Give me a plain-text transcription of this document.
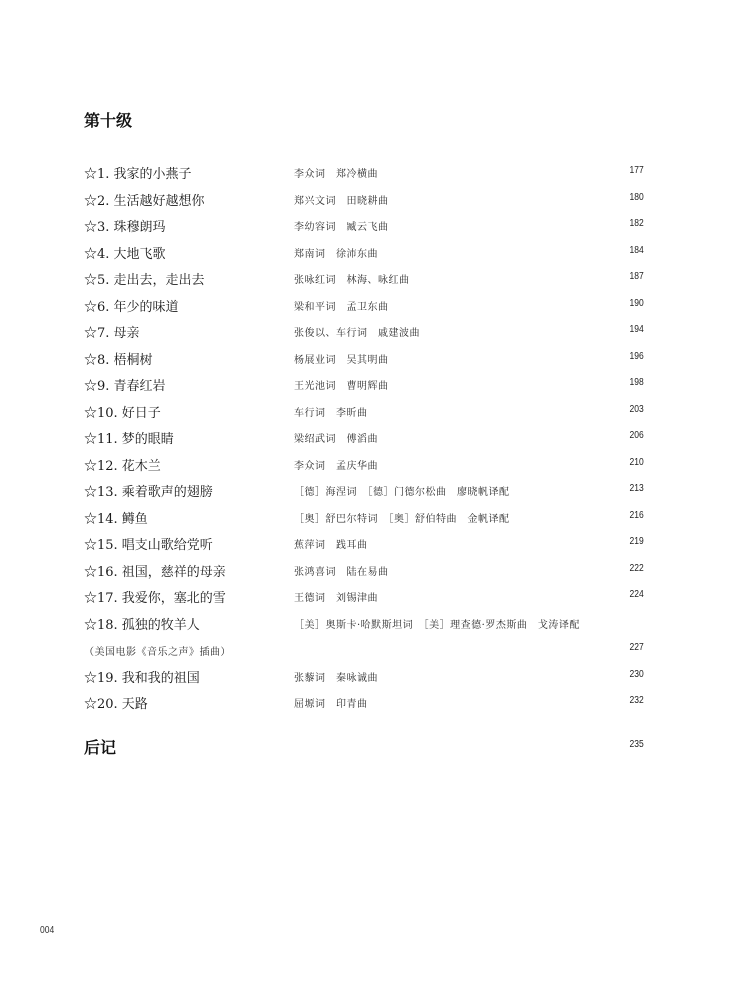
第十级
☆1. 我家的小燕子	李众词　郑冷横曲	177
☆2. 生活越好越想你	郑兴文词　田晓耕曲	180
☆3. 珠穆朗玛	李幼容词　臧云飞曲	182
☆4. 大地飞歌	郑南词　徐沛东曲	184
☆5. 走出去，走出去	张咏红词　林海、咏红曲	187
☆6. 年少的味道	梁和平词　孟卫东曲	190
☆7. 母亲	张俊以、车行词　戚建波曲	194
☆8. 梧桐树	杨展业词　吴其明曲	196
☆9. 青春红岩	王光池词　曹明辉曲	198
☆10. 好日子	车行词　李昕曲	203
☆11. 梦的眼睛	梁绍武词　傅滔曲	206
☆12. 花木兰	李众词　孟庆华曲	210
☆13. 乘着歌声的翅膀	［德］海涅词　［德］门德尔松曲　廖晓帆译配	213
☆14. 鳟鱼	［奥］舒巴尔特词　［奥］舒伯特曲　金帆译配	216
☆15. 唱支山歌给党听	蕉萍词　践耳曲	219
☆16. 祖国，慈祥的母亲	张鸿喜词　陆在易曲	222
☆17. 我爱你，塞北的雪	王德词　刘锡津曲	224
☆18. 孤独的牧羊人	［美］奥斯卡·哈默斯坦词　［美］理查德·罗杰斯曲　戈涛译配
（美国电影《音乐之声》插曲）	227
☆19. 我和我的祖国	张藜词　秦咏诚曲	230
☆20. 天路	屈塬词　印青曲	232
后记	235
004
